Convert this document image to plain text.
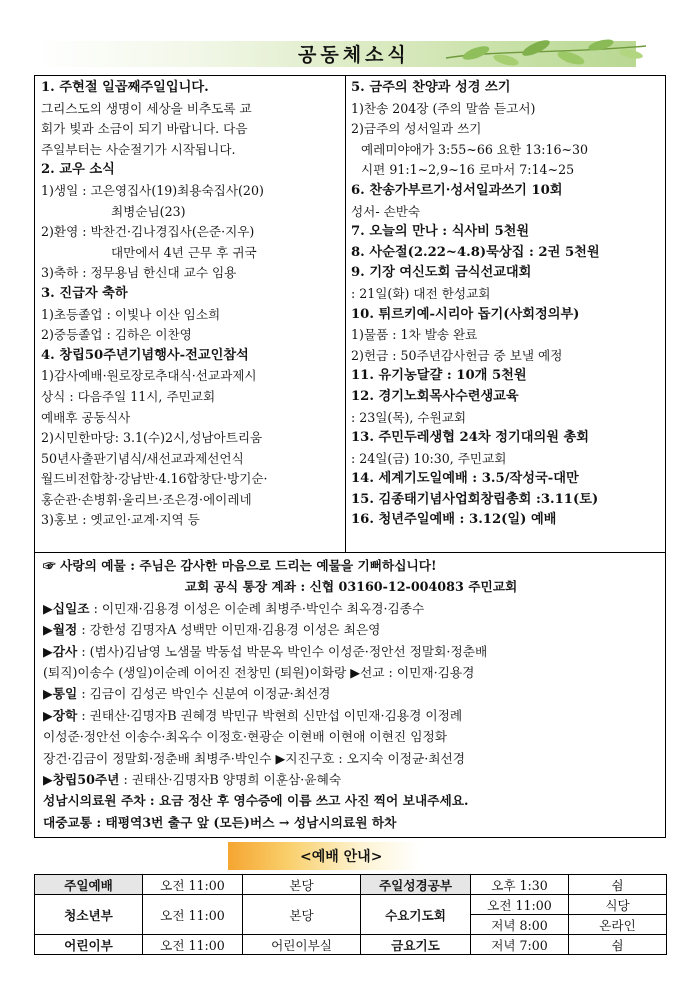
공동체소식
1. 주현절 일곱째주일입니다.
그리스도의 생명이 세상을 비추도록 교
회가 빛과 소금이 되기 바랍니다. 다음
주일부터는 사순절기가 시작됩니다.
2. 교우 소식
1)생일 : 고은영집사(19)최용숙집사(20)
최병순님(23)
2)환영 : 박찬건·김나경집사(은준·지우)
대만에서 4년 근무 후 귀국
3)축하 : 정무용님 한신대 교수 임용
3. 진급자 축하
1)초등졸업 : 이빛나 이산 임소희
2)중등졸업 : 김하은 이찬영
4. 창립50주년기념행사-전교인참석
1)감사예배·원로장로추대식·선교과제시
상식 : 다음주일 11시, 주민교회
예배후 공동식사
2)시민한마당: 3.1(수)2시,성남아트리움
50년사출판기념식/새선교과제선언식
월드비전합창·강남반·4.16합창단·방기순·
홍순관·손병휘·울리브·조은경·에이레네
3)홍보 : 옛교인·교계·지역 등
5. 금주의 찬양과 성경 쓰기
1)찬송 204장 (주의 말씀 듣고서)
2)금주의 성서일과 쓰기
예레미야애가 3:55~66 요한 13:16~30
시편 91:1~2,9~16 로마서 7:14~25
6. 찬송가부르기·성서일과쓰기 10회
성서- 손반숙
7. 오늘의 만나 : 식사비 5천원
8. 사순절(2.22~4.8)묵상집 : 2권 5천원
9. 기장 여신도회 금식선교대회
: 21일(화) 대전 한성교회
10. 튀르키예-시리아 돕기(사회정의부)
1)물품 : 1차 발송 완료
2)헌금 : 50주년감사헌금 중 보낼 예정
11. 유기농달걀 : 10개 5천원
12. 경기노회목사수련생교육
: 23일(목), 수원교회
13. 주민두레생협 24차 정기대의원 총회
: 24일(금) 10:30, 주민교회
14. 세계기도일예배 : 3.5/작성국-대만
15. 김종태기념사업회창립총회 :3.11(토)
16. 청년주일예배 : 3.12(일) 예배
☞ 사랑의 예물 : 주님은 감사한 마음으로 드리는 예물을 기뻐하십니다!
교회 공식 통장 계좌 : 신협 03160-12-004083 주민교회
▶십일조 : 이민재·김용경 이성은 이순례 최병주·박인수 최옥경·김종수
▶월정 : 강한성 김명자A 성백만 이민재·김용경 이성은 최은영
▶감사 : (범사)김남영 노샘물 박동섭 박문옥 박인수 이성준·정안선 정말회·정춘배
(퇴직)이송수 (생일)이순례 이어진 전창민 (퇴원)이화랑 ▶선교 : 이민재·김용경
▶통일 : 김금이 김성곤 박인수 신분여 이정균·최선경
▶장학 : 권태산·김명자B 권혜경 박민규 박현희 신만섭 이민재·김용경 이정례
이성준·정안선 이송수·최옥수 이정호·현광순 이현배 이현애 이현진 임정화
장건·김금이 정말회·정춘배 최병주·박인수 ▶지진구호 : 오지숙 이정균·최선경
▶창립50주년 : 권태산·김명자B 양명희 이훈삼·윤혜숙
성남시의료원 주차 : 요금 정산 후 영수증에 이름 쓰고 사진 찍어 보내주세요.
대중교통 : 태평역3번 출구 앞 (모든)버스 → 성남시의료원 하차
<예배 안내>
주일예배	오전 11:00	본당	주일성경공부	오후 1:30	쉼
청소년부	오전 11:00	본당	수요기도회	오전 11:00	식당
				저녁 8:00	온라인
어린이부	오전 11:00	어린이부실	금요기도	저녁 7:00	쉼
